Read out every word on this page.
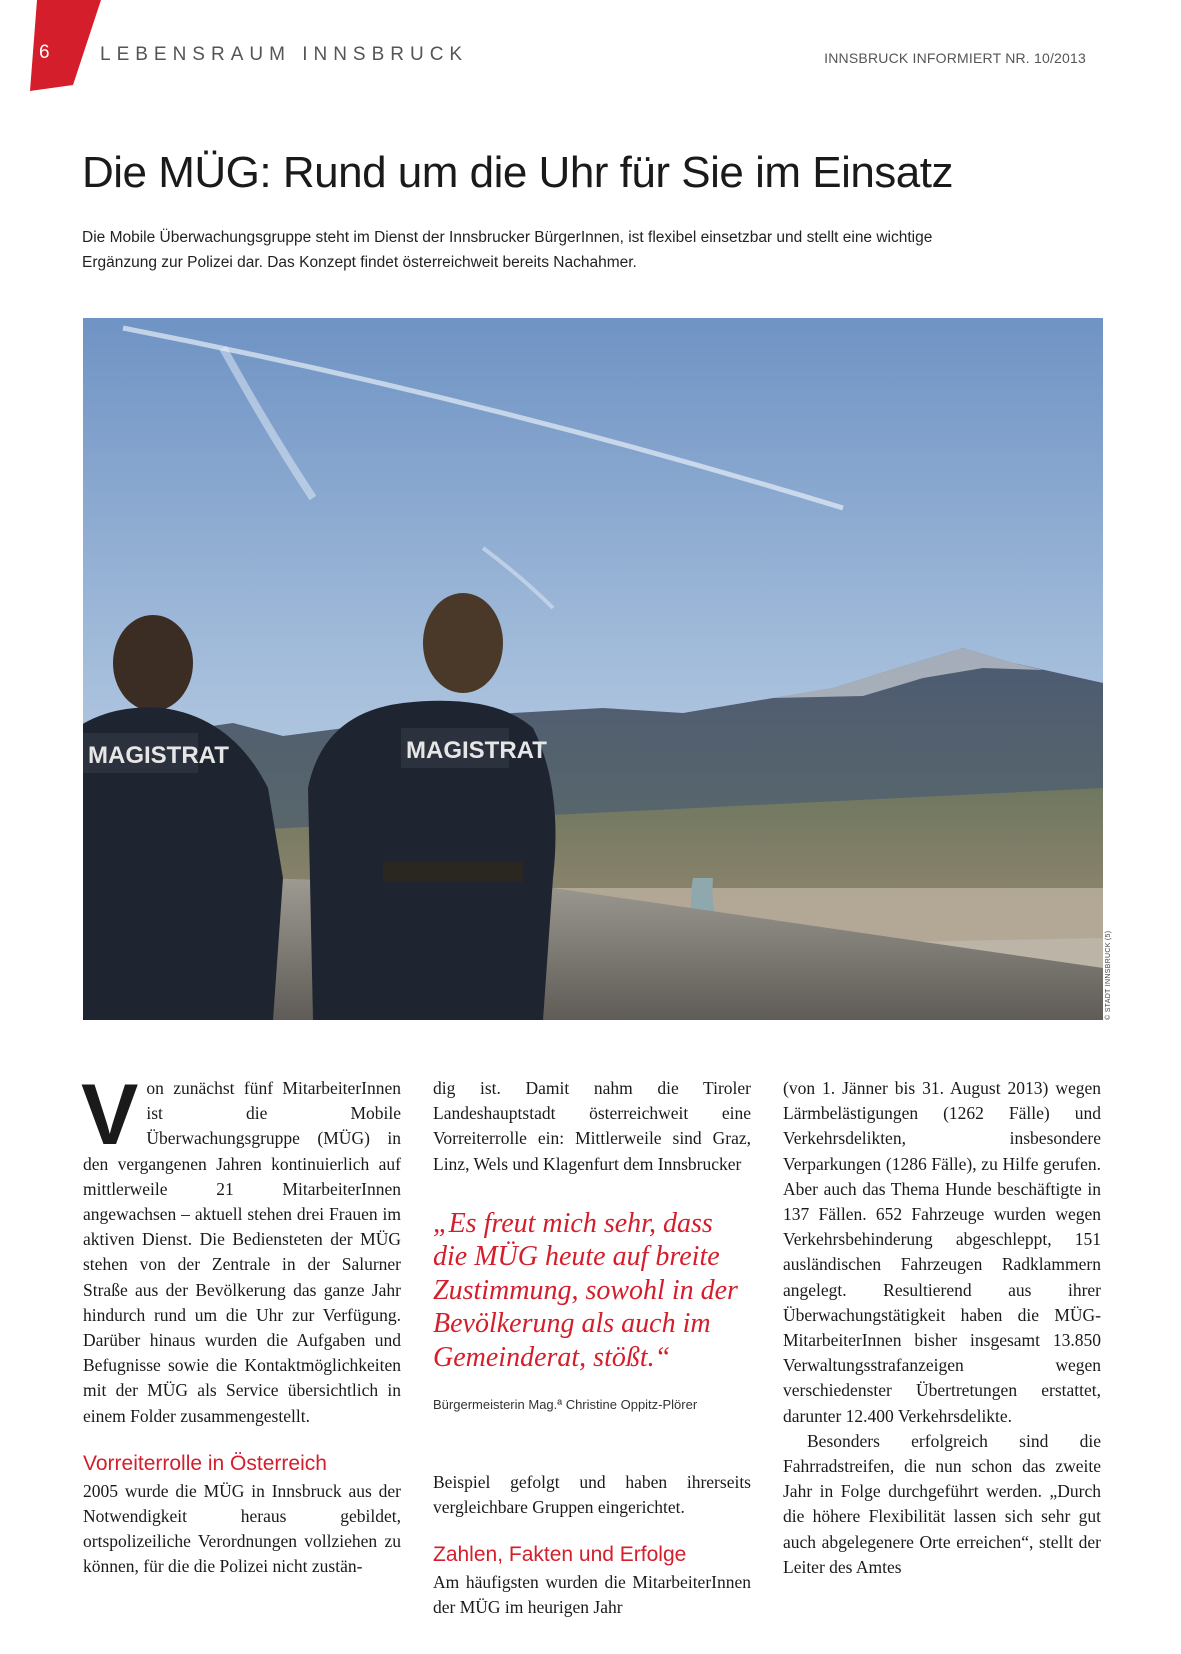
6	LEBENSRAUM INNSBRUCK	INNSBRUCK INFORMIERT NR. 10/2013
Die MÜG: Rund um die Uhr für Sie im Einsatz

Die Mobile Überwachungsgruppe steht im Dienst der Innsbrucker BürgerInnen, ist flexibel einsetzbar und stellt eine wichtige Ergänzung zur Polizei dar. Das Konzept findet österreichweit bereits Nachahmer.

MAGISTRAT	MAGISTRAT
© STADT INNSBRUCK (5)

Von zunächst fünf MitarbeiterInnen ist die Mobile Überwachungsgruppe (MÜG) in den vergangenen Jahren kontinuierlich auf mittlerweile 21 MitarbeiterInnen angewachsen – aktuell stehen drei Frauen im aktiven Dienst. Die Bediensteten der MÜG stehen von der Zentrale in der Salurner Straße aus der Bevölkerung das ganze Jahr hindurch rund um die Uhr zur Verfügung. Darüber hinaus wurden die Aufgaben und Befugnisse sowie die Kontaktmöglichkeiten mit der MÜG als Service übersichtlich in einem Folder zusammengestellt.

Vorreiterrolle in Österreich

2005 wurde die MÜG in Innsbruck aus der Notwendigkeit heraus gebildet, ortspolizeiliche Verordnungen vollziehen zu können, für die die Polizei nicht zustän-

dig ist. Damit nahm die Tiroler Landeshauptstadt österreichweit eine Vorreiterrolle ein: Mittlerweile sind Graz, Linz, Wels und Klagenfurt dem Innsbrucker

„Es freut mich sehr, dass die MÜG heute auf breite Zustimmung, sowohl in der Bevölkerung als auch im Gemeinderat, stößt.“
Bürgermeisterin Mag.ª Christine Oppitz-Plörer

Beispiel gefolgt und haben ihrerseits vergleichbare Gruppen eingerichtet.

Zahlen, Fakten und Erfolge

Am häufigsten wurden die MitarbeiterInnen der MÜG im heurigen Jahr

(von 1. Jänner bis 31. August 2013) wegen Lärmbelästigungen (1262 Fälle) und Verkehrsdelikten, insbesondere Verparkungen (1286 Fälle), zu Hilfe gerufen. Aber auch das Thema Hunde beschäftigte in 137 Fällen. 652 Fahrzeuge wurden wegen Verkehrsbehinderung abgeschleppt, 151 ausländischen Fahrzeugen Radklammern angelegt. Resultierend aus ihrer Überwachungstätigkeit haben die MÜG-MitarbeiterInnen bisher insgesamt 13.850 Verwaltungsstrafanzeigen wegen verschiedenster Übertretungen erstattet, darunter 12.400 Verkehrsdelikte.

Besonders erfolgreich sind die Fahrradstreifen, die nun schon das zweite Jahr in Folge durchgeführt werden. „Durch die höhere Flexibilität lassen sich sehr gut auch abgelegenere Orte erreichen“, stellt der Leiter des Amtes
